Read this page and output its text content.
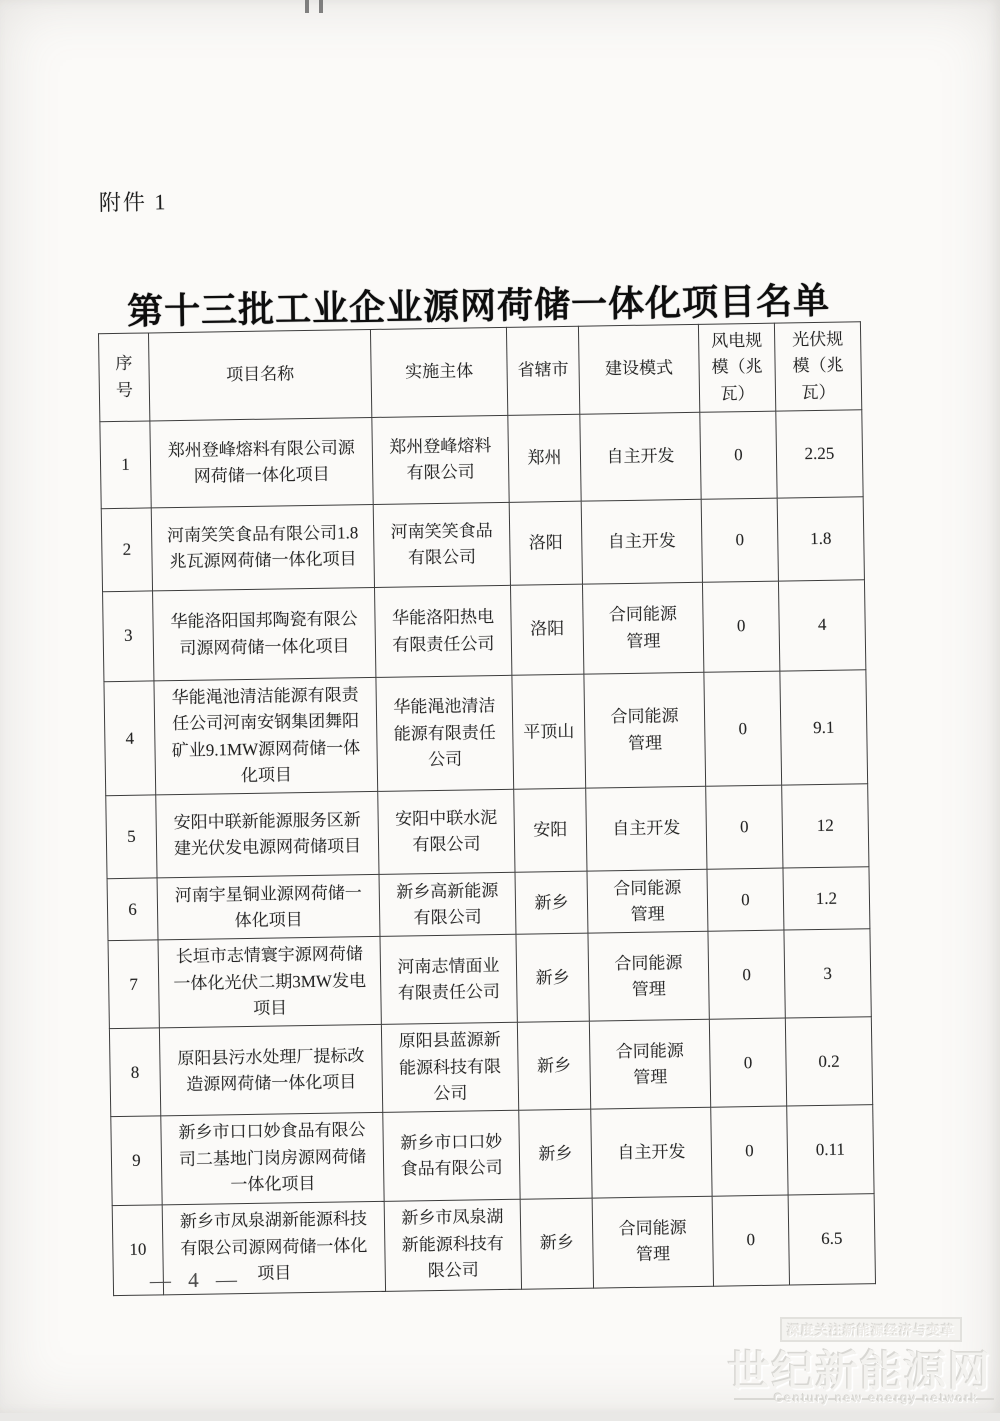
附件 1
第十三批工业企业源网荷储一体化项目名单
序号	项目名称	实施主体	省辖市	建设模式	风电规模（兆瓦）	光伏规模（兆瓦）
1	郑州登峰熔料有限公司源网荷储一体化项目	郑州登峰熔料有限公司	郑州	自主开发	0	2.25
2	河南笑笑食品有限公司1.8兆瓦源网荷储一体化项目	河南笑笑食品有限公司	洛阳	自主开发	0	1.8
3	华能洛阳国邦陶瓷有限公司源网荷储一体化项目	华能洛阳热电有限责任公司	洛阳	合同能源管理	0	4
4	华能渑池清洁能源有限责任公司河南安钢集团舞阳矿业9.1MW源网荷储一体化项目	华能渑池清洁能源有限责任公司	平顶山	合同能源管理	0	9.1
5	安阳中联新能源服务区新建光伏发电源网荷储项目	安阳中联水泥有限公司	安阳	自主开发	0	12
6	河南宇星铜业源网荷储一体化项目	新乡高新能源有限公司	新乡	合同能源管理	0	1.2
7	长垣市志情寰宇源网荷储一体化光伏二期3MW发电项目	河南志情面业有限责任公司	新乡	合同能源管理	0	3
8	原阳县污水处理厂提标改造源网荷储一体化项目	原阳县蓝源新能源科技有限公司	新乡	合同能源管理	0	0.2
9	新乡市口口妙食品有限公司二基地门岗房源网荷储一体化项目	新乡市口口妙食品有限公司	新乡	自主开发	0	0.11
10	新乡市凤泉湖新能源科技有限公司源网荷储一体化项目	新乡市凤泉湖新能源科技有限公司	新乡	合同能源管理	0	6.5
— 4 —
深度关注新能源经济与变革
世纪新能源网
Century new energy network
